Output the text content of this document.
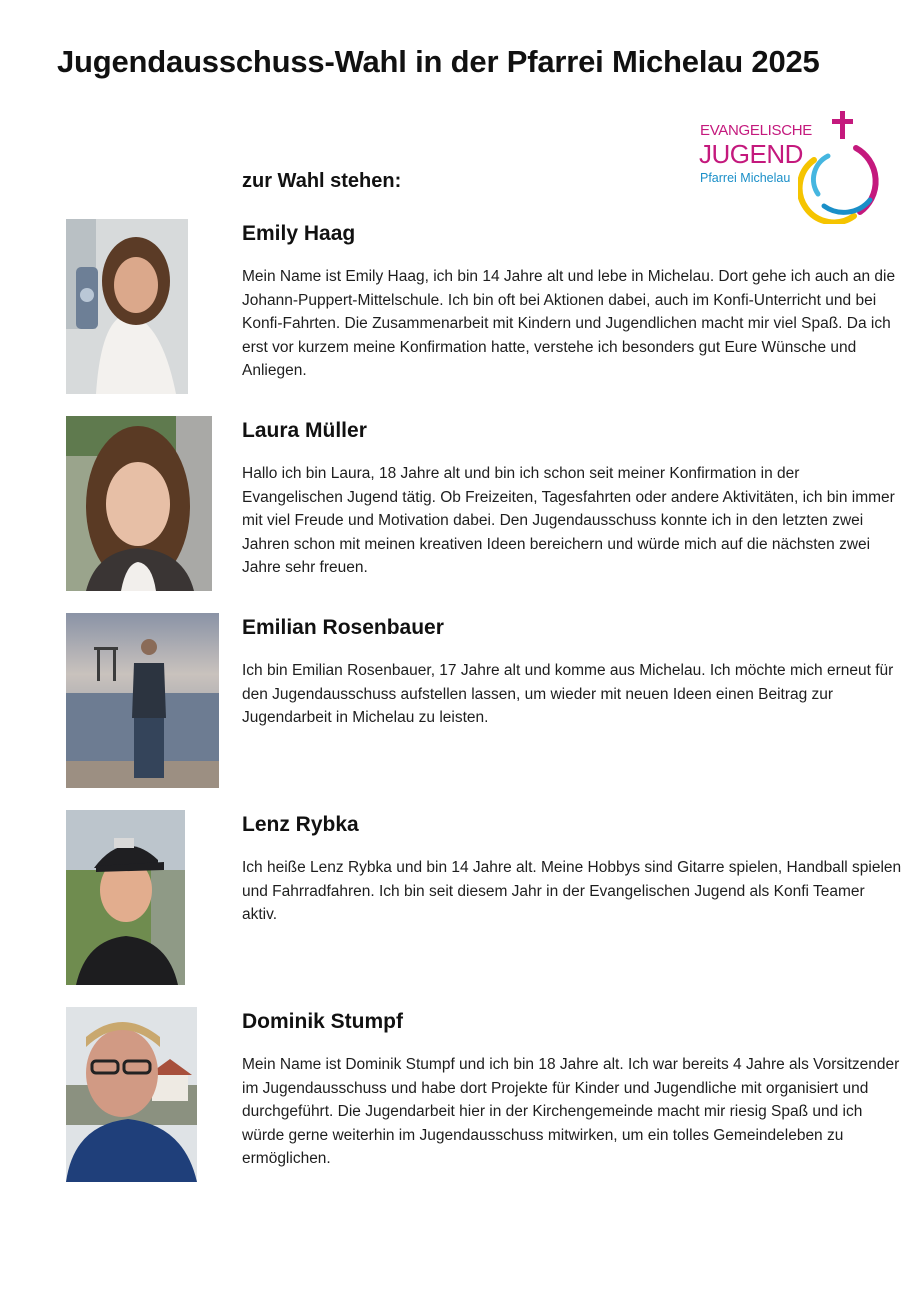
Jugendausschuss-Wahl in der Pfarrei Michelau 2025
EVANGELISCHE
JUGEND
Pfarrei Michelau
zur Wahl stehen:
Emily Haag

Mein Name ist Emily Haag, ich bin 14 Jahre alt und lebe in Michelau. Dort gehe ich auch an die Johann-Puppert-Mittelschule. Ich bin oft bei Aktionen dabei, auch im Konfi-Unterricht und bei Konfi-Fahrten. Die Zusammenarbeit mit Kindern und Jugendlichen macht mir viel Spaß. Da ich erst vor kurzem meine Konfirmation hatte, verstehe ich besonders gut Eure Wünsche und Anliegen.

Laura Müller

Hallo ich bin Laura, 18 Jahre alt und bin ich schon seit meiner Konfirmation in der Evangelischen Jugend tätig. Ob Freizeiten, Tagesfahrten oder andere Aktivitäten, ich bin immer mit viel Freude und Motivation dabei. Den Jugendausschuss konnte ich in den letzten zwei Jahren schon mit meinen kreativen Ideen bereichern und würde mich auf die nächsten zwei Jahre sehr freuen.

Emilian Rosenbauer

Ich bin Emilian Rosenbauer, 17 Jahre alt und komme aus Michelau. Ich möchte mich erneut für den Jugendausschuss aufstellen lassen, um wieder mit neuen Ideen einen Beitrag zur Jugendarbeit in Michelau zu leisten.

Lenz Rybka

Ich heiße Lenz Rybka und bin 14 Jahre alt. Meine Hobbys sind Gitarre spielen, Handball spielen und Fahrradfahren. Ich bin seit diesem Jahr in der Evangelischen Jugend als Konfi Teamer aktiv.

Dominik Stumpf

Mein Name ist Dominik Stumpf und ich bin 18 Jahre alt. Ich war bereits 4 Jahre als Vorsitzender im Jugendausschuss und habe dort Projekte für Kinder und Jugendliche mit organisiert und durchgeführt. Die Jugendarbeit hier in der Kirchengemeinde macht mir riesig Spaß und ich würde gerne weiterhin im Jugendausschuss mitwirken, um ein tolles Gemeindeleben zu ermöglichen.
